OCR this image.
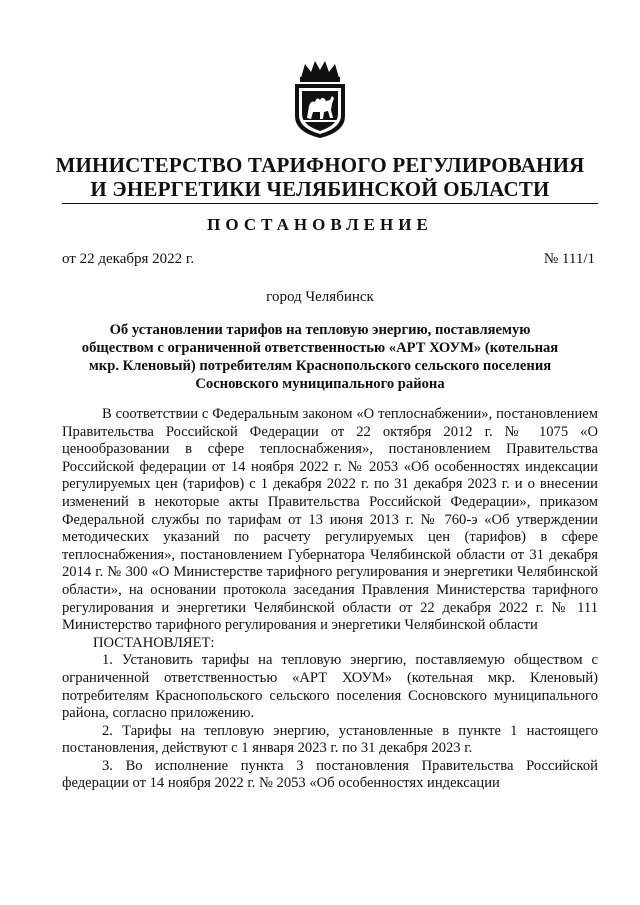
МИНИСТЕРСТВО ТАРИФНОГО РЕГУЛИРОВАНИЯ
И ЭНЕРГЕТИКИ ЧЕЛЯБИНСКОЙ ОБЛАСТИ
ПОСТАНОВЛЕНИЕ
от 22 декабря 2022 г.	№ 111/1
город Челябинск
Об установлении тарифов на тепловую энергию, поставляемую обществом с ограниченной ответственностью «АРТ ХОУМ» (котельная мкр. Кленовый) потребителям Краснопольского сельского поселения Сосновского муниципального района

В соответствии с Федеральным законом «О теплоснабжении», постановлением Правительства Российской Федерации от 22 октября 2012 г. № 1075 «О ценообразовании в сфере теплоснабжения», постановлением Правительства Российской федерации от 14 ноября 2022 г. № 2053 «Об особенностях индексации регулируемых цен (тарифов) с 1 декабря 2022 г. по 31 декабря 2023 г. и о внесении изменений в некоторые акты Правительства Российской Федерации», приказом Федеральной службы по тарифам от 13 июня 2013 г. № 760-э «Об утверждении методических указаний по расчету регулируемых цен (тарифов) в сфере теплоснабжения», постановлением Губернатора Челябинской области от 31 декабря 2014 г. № 300 «О Министерстве тарифного регулирования и энергетики Челябинской области», на основании протокола заседания Правления Министерства тарифного регулирования и энергетики Челябинской области от 22 декабря 2022 г. № 111 Министерство тарифного регулирования и энергетики Челябинской области

ПОСТАНОВЛЯЕТ:

1. Установить тарифы на тепловую энергию, поставляемую обществом с ограниченной ответственностью «АРТ ХОУМ» (котельная мкр. Кленовый) потребителям Краснопольского сельского поселения Сосновского муниципального района, согласно приложению.

2. Тарифы на тепловую энергию, установленные в пункте 1 настоящего постановления, действуют с 1 января 2023 г. по 31 декабря 2023 г.

3. Во исполнение пункта 3 постановления Правительства Российской федерации от 14 ноября 2022 г. № 2053 «Об особенностях индексации
